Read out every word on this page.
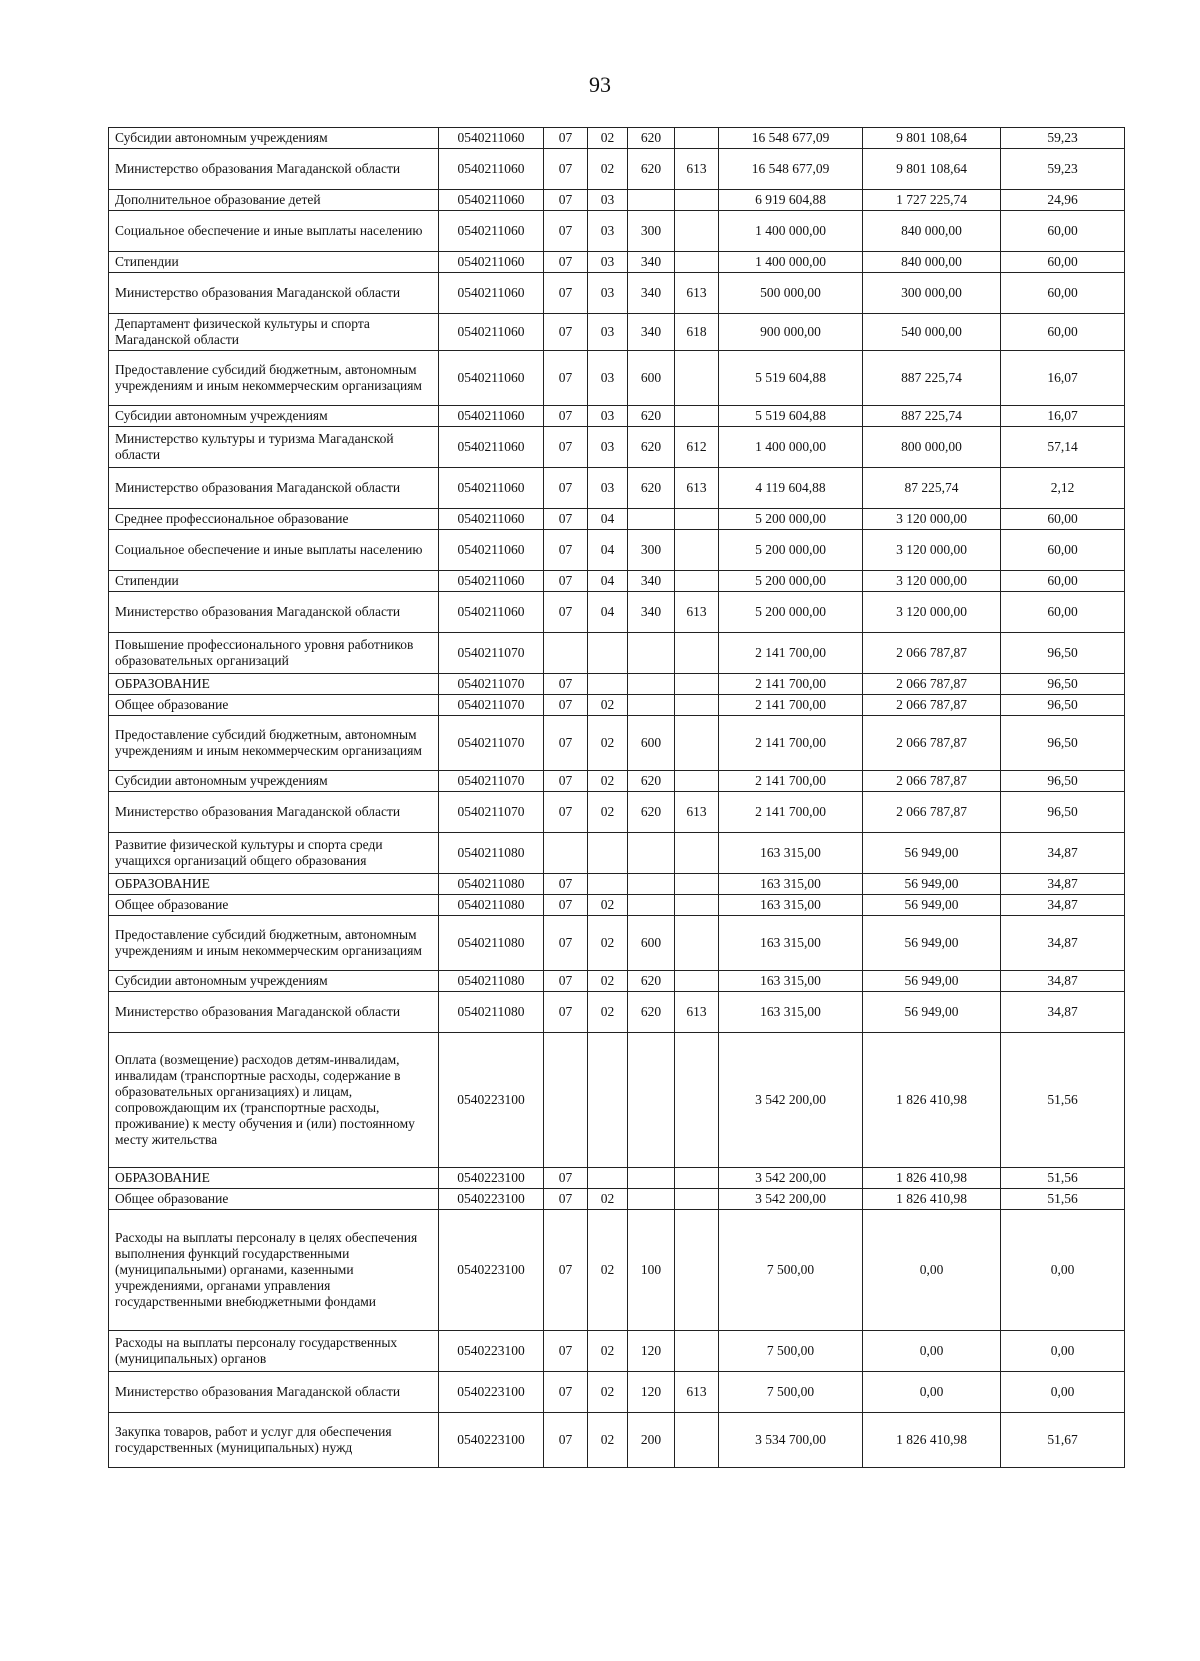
93
Субсидии автономным учреждениям	0540211060	07	02	620		16 548 677,09	9 801 108,64	59,23
Министерство образования Магаданской области	0540211060	07	02	620	613	16 548 677,09	9 801 108,64	59,23
Дополнительное образование детей	0540211060	07	03			6 919 604,88	1 727 225,74	24,96
Социальное обеспечение и иные выплаты населению	0540211060	07	03	300		1 400 000,00	840 000,00	60,00
Стипендии	0540211060	07	03	340		1 400 000,00	840 000,00	60,00
Министерство образования Магаданской области	0540211060	07	03	340	613	500 000,00	300 000,00	60,00
Департамент физической культуры и спорта Магаданской области	0540211060	07	03	340	618	900 000,00	540 000,00	60,00
Предоставление субсидий бюджетным, автономным учреждениям и иным некоммерческим организациям	0540211060	07	03	600		5 519 604,88	887 225,74	16,07
Субсидии автономным учреждениям	0540211060	07	03	620		5 519 604,88	887 225,74	16,07
Министерство культуры и туризма Магаданской области	0540211060	07	03	620	612	1 400 000,00	800 000,00	57,14
Министерство образования Магаданской области	0540211060	07	03	620	613	4 119 604,88	87 225,74	2,12
Среднее профессиональное образование	0540211060	07	04			5 200 000,00	3 120 000,00	60,00
Социальное обеспечение и иные выплаты населению	0540211060	07	04	300		5 200 000,00	3 120 000,00	60,00
Стипендии	0540211060	07	04	340		5 200 000,00	3 120 000,00	60,00
Министерство образования Магаданской области	0540211060	07	04	340	613	5 200 000,00	3 120 000,00	60,00
Повышение профессионального уровня работников образовательных организаций	0540211070					2 141 700,00	2 066 787,87	96,50
ОБРАЗОВАНИЕ	0540211070	07				2 141 700,00	2 066 787,87	96,50
Общее образование	0540211070	07	02			2 141 700,00	2 066 787,87	96,50
Предоставление субсидий бюджетным, автономным учреждениям и иным некоммерческим организациям	0540211070	07	02	600		2 141 700,00	2 066 787,87	96,50
Субсидии автономным учреждениям	0540211070	07	02	620		2 141 700,00	2 066 787,87	96,50
Министерство образования Магаданской области	0540211070	07	02	620	613	2 141 700,00	2 066 787,87	96,50
Развитие физической культуры и спорта среди учащихся организаций общего образования	0540211080					163 315,00	56 949,00	34,87
ОБРАЗОВАНИЕ	0540211080	07				163 315,00	56 949,00	34,87
Общее образование	0540211080	07	02			163 315,00	56 949,00	34,87
Предоставление субсидий бюджетным, автономным учреждениям и иным некоммерческим организациям	0540211080	07	02	600		163 315,00	56 949,00	34,87
Субсидии автономным учреждениям	0540211080	07	02	620		163 315,00	56 949,00	34,87
Министерство образования Магаданской области	0540211080	07	02	620	613	163 315,00	56 949,00	34,87
Оплата (возмещение) расходов детям-инвалидам, инвалидам (транспортные расходы, содержание в образовательных организациях) и лицам, сопровождающим их (транспортные расходы, проживание) к месту обучения и (или) постоянному месту жительства	0540223100					3 542 200,00	1 826 410,98	51,56
ОБРАЗОВАНИЕ	0540223100	07				3 542 200,00	1 826 410,98	51,56
Общее образование	0540223100	07	02			3 542 200,00	1 826 410,98	51,56
Расходы на выплаты персоналу в целях обеспечения выполнения функций государственными (муниципальными) органами, казенными учреждениями, органами управления государственными внебюджетными фондами	0540223100	07	02	100		7 500,00	0,00	0,00
Расходы на выплаты персоналу государственных (муниципальных) органов	0540223100	07	02	120		7 500,00	0,00	0,00
Министерство образования Магаданской области	0540223100	07	02	120	613	7 500,00	0,00	0,00
Закупка товаров, работ и услуг для обеспечения государственных (муниципальных) нужд	0540223100	07	02	200		3 534 700,00	1 826 410,98	51,67
